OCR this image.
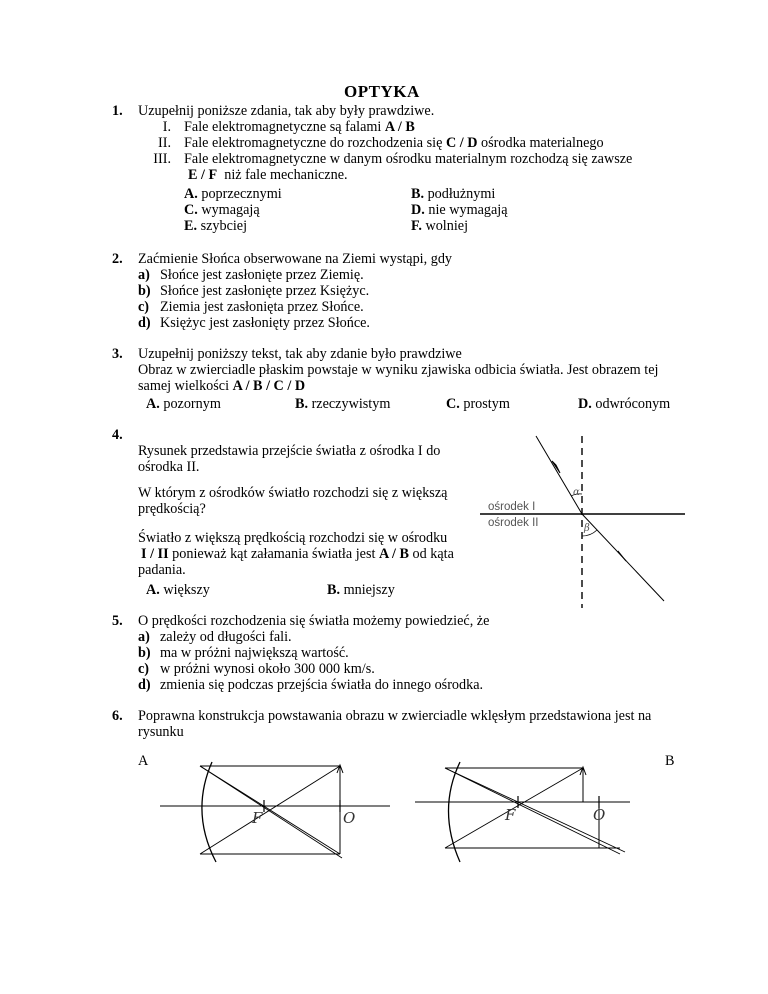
OPTYKA
1. Uzupełnij poniższe zdania, tak aby były prawdziwe.
I. Fale elektromagnetyczne są falami A / B
II. Fale elektromagnetyczne do rozchodzenia się C / D ośrodka materialnego
III. Fale elektromagnetyczne w danym ośrodku materialnym rozchodzą się zawsze
E / F  niż fale mechaniczne.
A. poprzecznymi	B. podłużnymi
C. wymagają	D. nie wymagają
E. szybciej	F. wolniej
2. Zaćmienie Słońca obserwowane na Ziemi wystąpi, gdy
a) Słońce jest zasłonięte przez Ziemię.
b) Słońce jest zasłonięte przez Księżyc.
c) Ziemia jest zasłonięta przez Słońce.
d) Księżyc jest zasłonięty przez Słońce.
3. Uzupełnij poniższy tekst, tak aby zdanie było prawdziwe
Obraz w zwierciadle płaskim powstaje w wyniku zjawiska odbicia światła. Jest obrazem tej
samej wielkości A / B / C / D
A. pozornym	B. rzeczywistym	C. prostym	D. odwróconym
4.
Rysunek przedstawia przejście światła z ośrodka I do
ośrodka II.
W którym z ośrodków światło rozchodzi się z większą
prędkością?
Światło z większą prędkością rozchodzi się w ośrodku
I / II ponieważ kąt załamania światła jest A / B od kąta
padania.
A. większy	B. mniejszy
α
β
ośrodek I
ośrodek II
5. O prędkości rozchodzenia się światła możemy powiedzieć, że
a) zależy od długości fali.
b) ma w próżni największą wartość.
c) w próżni wynosi około 300 000 km/s.
d) zmienia się podczas przejścia światła do innego ośrodka.
6. Poprawna konstrukcja powstawania obrazu w zwierciadle wklęsłym przedstawiona jest na
rysunku
A	B
F	O	F	O
